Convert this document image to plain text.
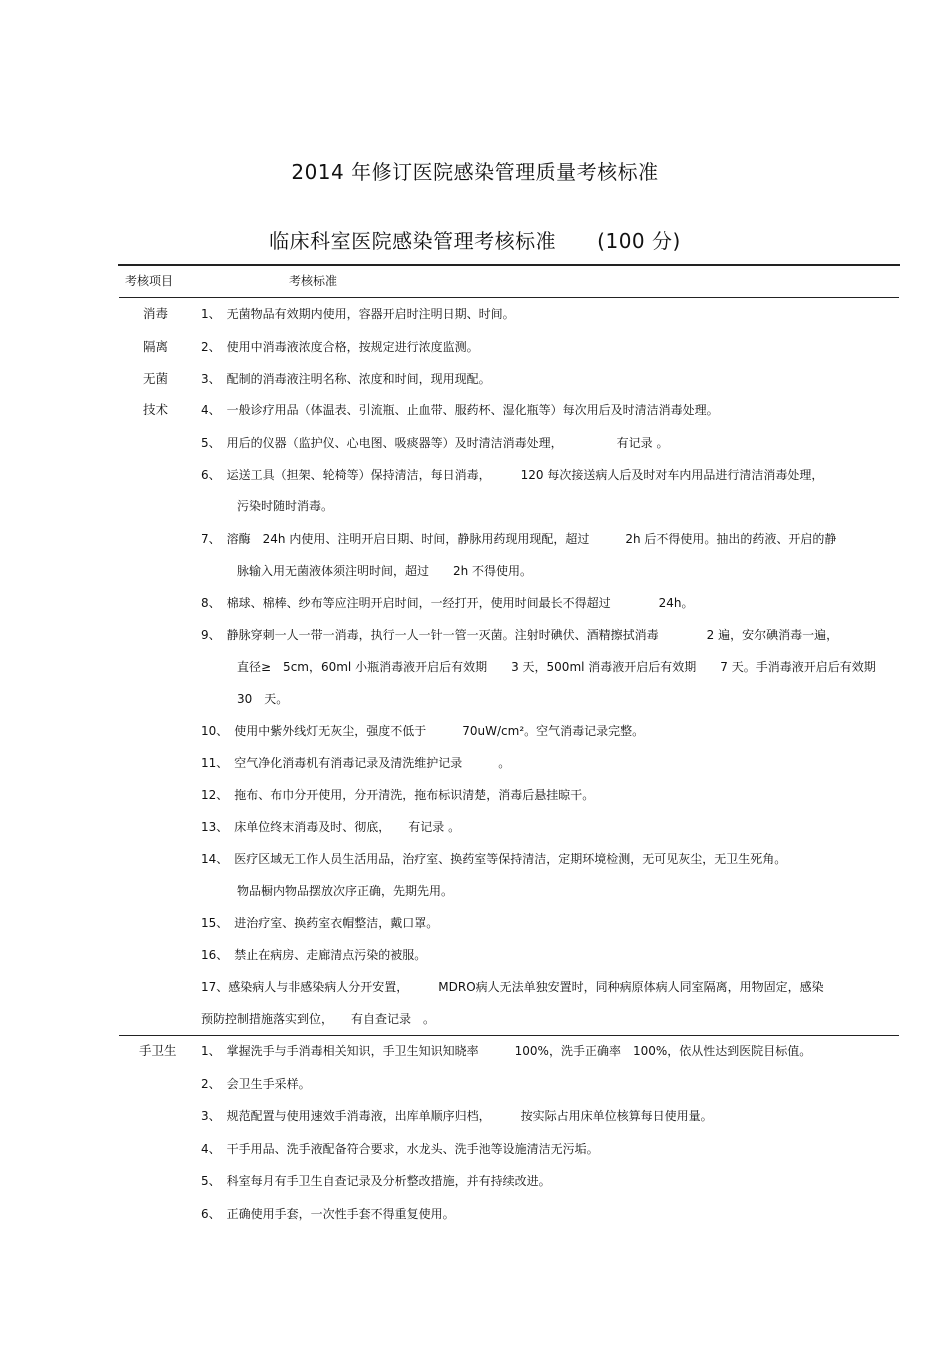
2014 年修订医院感染管理质量考核标准
临床科室医院感染管理考核标准　　(100 分)
考核项目	考核标准
消毒
隔离
无菌
技术
1、　无菌物品有效期内使用，容器开启时注明日期、时间。
2、　使用中消毒液浓度合格，按规定进行浓度监测。
3、　配制的消毒液注明名称、浓度和时间，现用现配。
4、　一般诊疗用品（体温表、引流瓶、止血带、服药杯、湿化瓶等）每次用后及时清洁消毒处理。
5、　用后的仪器（监护仪、心电图、吸痰器等）及时清洁消毒处理，　　　　　有记录 。
6、　运送工具（担架、轮椅等）保持清洁，每日消毒，　　　120 每次接送病人后及时对车内用品进行清洁消毒处理，
　　　污染时随时消毒。
7、　溶酶　24h 内使用、注明开启日期、时间，静脉用药现用现配，超过　　　2h 后不得使用。抽出的药液、开启的静
　　　脉输入用无菌液体须注明时间，超过　　2h 不得使用。
8、　棉球、棉棒、纱布等应注明开启时间，一经打开，使用时间最长不得超过　　　　24h。
9、　静脉穿刺一人一带一消毒，执行一人一针一管一灭菌。注射时碘伏、酒精擦拭消毒　　　　2 遍，安尔碘消毒一遍，
　　　直径≥　5cm，60ml 小瓶消毒液开启后有效期　　3 天，500ml 消毒液开启后有效期　　7 天。手消毒液开启后有效期
　　　30　天。
10、　使用中紫外线灯无灰尘，强度不低于　　　70uW/cm²。空气消毒记录完整。
11、　空气净化消毒机有消毒记录及清洗维护记录　　　。
12、　拖布、布巾分开使用，分开清洗，拖布标识清楚，消毒后悬挂晾干。
13、　床单位终末消毒及时、彻底，　　有记录 。
14、　医疗区域无工作人员生活用品，治疗室、换药室等保持清洁，定期环境检测，无可见灰尘，无卫生死角。
　　　物品橱内物品摆放次序正确，先期先用。
15、　进治疗室、换药室衣帽整洁，戴口罩。
16、　禁止在病房、走廊清点污染的被服。
17、感染病人与非感染病人分开安置，　　　MDRO病人无法单独安置时，同种病原体病人同室隔离，用物固定，感染
预防控制措施落实到位，　　有自查记录　。
手卫生 1、　掌握洗手与手消毒相关知识，手卫生知识知晓率　　　100%，洗手正确率　100%，依从性达到医院目标值。
2、　会卫生手采样。
3、　规范配置与使用速效手消毒液，出库单顺序归档，　　　按实际占用床单位核算每日使用量。
4、　干手用品、洗手液配备符合要求，水龙头、洗手池等设施清洁无污垢。
5、　科室每月有手卫生自查记录及分析整改措施，并有持续改进。
6、　正确使用手套，一次性手套不得重复使用。
